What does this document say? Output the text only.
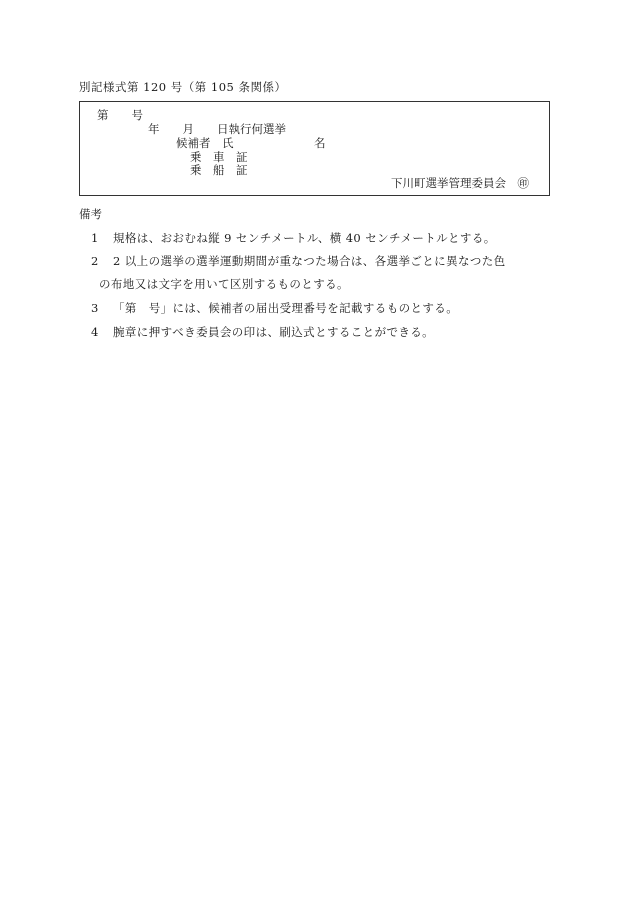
別記様式第 120 号（第 105 条関係）
第　　号
年　　月　　日執行何選挙
候補者　氏　　　　　　　名
乗　車　証
乗　船　証
下川町選挙管理委員会　㊞
備考
1 規格は、おおむね縦 9 センチメートル、横 40 センチメートルとする。
2 2 以上の選挙の選挙運動期間が重なつた場合は、各選挙ごとに異なつた色
の布地又は文字を用いて区別するものとする。
3 「第　号」には、候補者の届出受理番号を記載するものとする。
4 腕章に押すべき委員会の印は、刷込式とすることができる。
